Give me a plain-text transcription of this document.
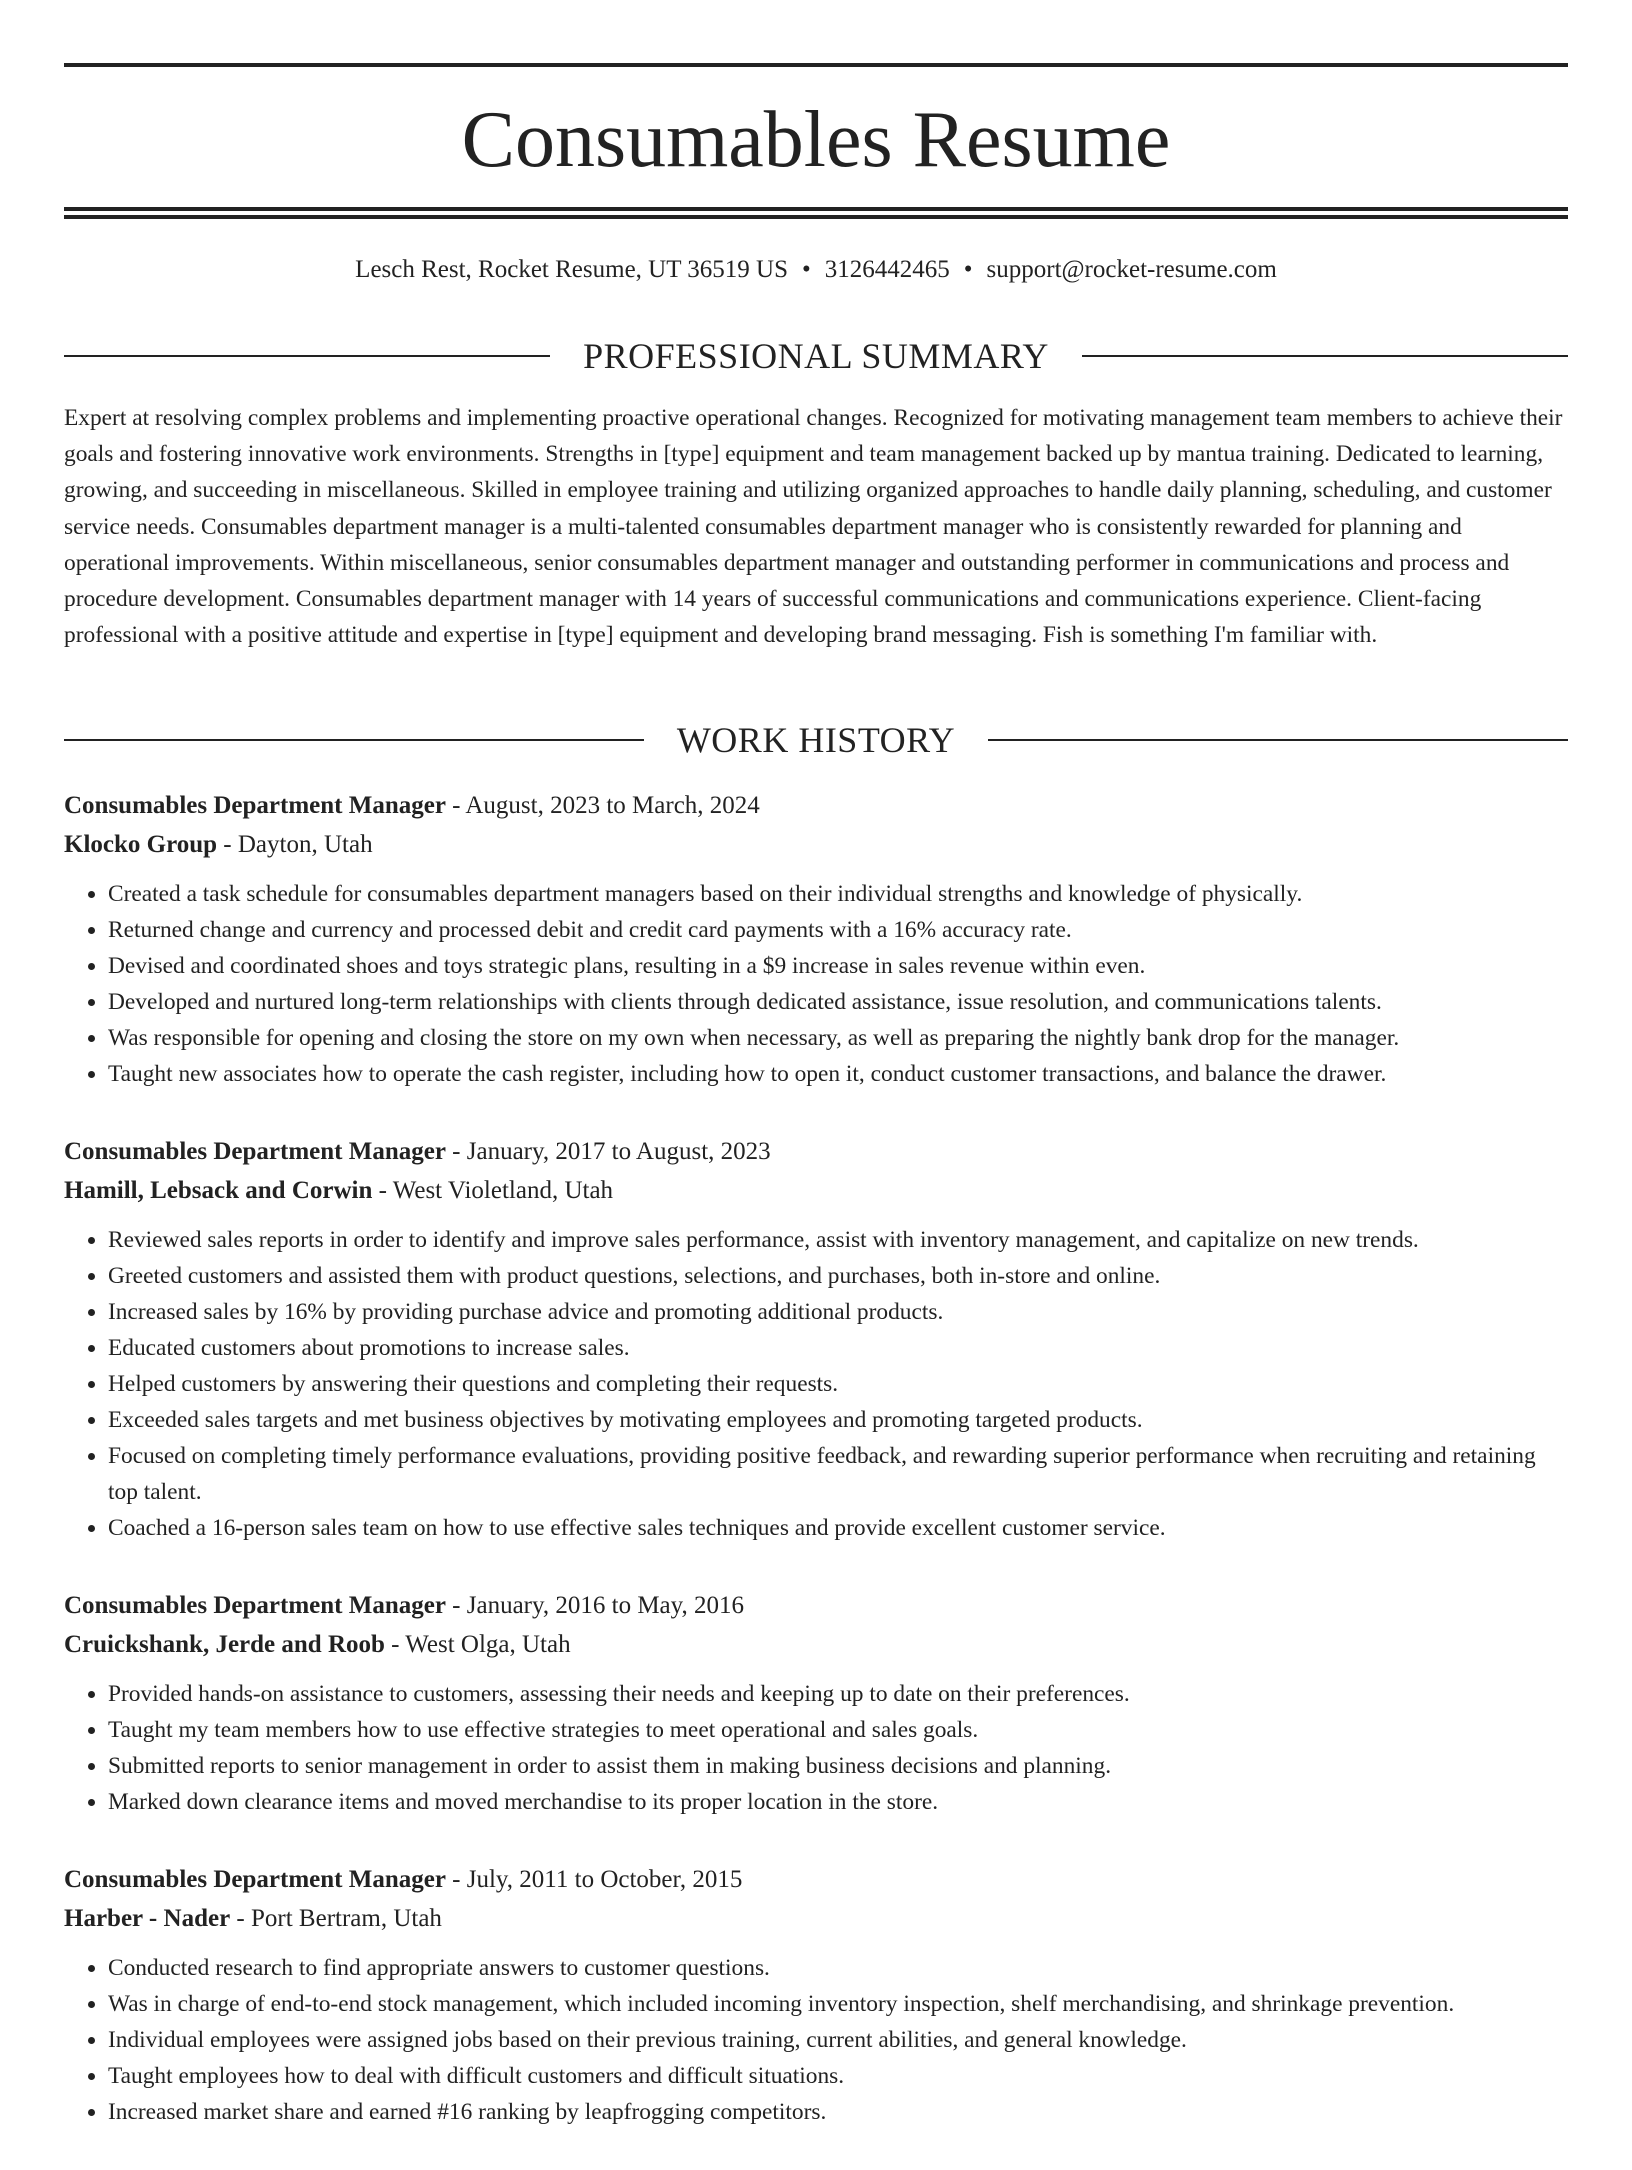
Consumables Resume
Lesch Rest, Rocket Resume, UT 36519 US • 3126442465 • support@rocket-resume.com
PROFESSIONAL SUMMARY

Expert at resolving complex problems and implementing proactive operational changes. Recognized for motivating management team members to achieve their goals and fostering innovative work environments. Strengths in [type] equipment and team management backed up by mantua training. Dedicated to learning, growing, and succeeding in miscellaneous. Skilled in employee training and utilizing organized approaches to handle daily planning, scheduling, and customer service needs. Consumables department manager is a multi-talented consumables department manager who is consistently rewarded for planning and operational improvements. Within miscellaneous, senior consumables department manager and outstanding performer in communications and process and procedure development. Consumables department manager with 14 years of successful communications and communications experience. Client-facing professional with a positive attitude and expertise in [type] equipment and developing brand messaging. Fish is something I'm familiar with.

WORK HISTORY
Consumables Department Manager - August, 2023 to March, 2024
Klocko Group - Dayton, Utah
• Created a task schedule for consumables department managers based on their individual strengths and knowledge of physically.
• Returned change and currency and processed debit and credit card payments with a 16% accuracy rate.
• Devised and coordinated shoes and toys strategic plans, resulting in a $9 increase in sales revenue within even.
• Developed and nurtured long-term relationships with clients through dedicated assistance, issue resolution, and communications talents.
• Was responsible for opening and closing the store on my own when necessary, as well as preparing the nightly bank drop for the manager.
• Taught new associates how to operate the cash register, including how to open it, conduct customer transactions, and balance the drawer.
Consumables Department Manager - January, 2017 to August, 2023
Hamill, Lebsack and Corwin - West Violetland, Utah
• Reviewed sales reports in order to identify and improve sales performance, assist with inventory management, and capitalize on new trends.
• Greeted customers and assisted them with product questions, selections, and purchases, both in-store and online.
• Increased sales by 16% by providing purchase advice and promoting additional products.
• Educated customers about promotions to increase sales.
• Helped customers by answering their questions and completing their requests.
• Exceeded sales targets and met business objectives by motivating employees and promoting targeted products.
• Focused on completing timely performance evaluations, providing positive feedback, and rewarding superior performance when recruiting and retaining top talent.
• Coached a 16-person sales team on how to use effective sales techniques and provide excellent customer service.
Consumables Department Manager - January, 2016 to May, 2016
Cruickshank, Jerde and Roob - West Olga, Utah
• Provided hands-on assistance to customers, assessing their needs and keeping up to date on their preferences.
• Taught my team members how to use effective strategies to meet operational and sales goals.
• Submitted reports to senior management in order to assist them in making business decisions and planning.
• Marked down clearance items and moved merchandise to its proper location in the store.
Consumables Department Manager - July, 2011 to October, 2015
Harber - Nader - Port Bertram, Utah
• Conducted research to find appropriate answers to customer questions.
• Was in charge of end-to-end stock management, which included incoming inventory inspection, shelf merchandising, and shrinkage prevention.
• Individual employees were assigned jobs based on their previous training, current abilities, and general knowledge.
• Taught employees how to deal with difficult customers and difficult situations.
• Increased market share and earned #16 ranking by leapfrogging competitors.
